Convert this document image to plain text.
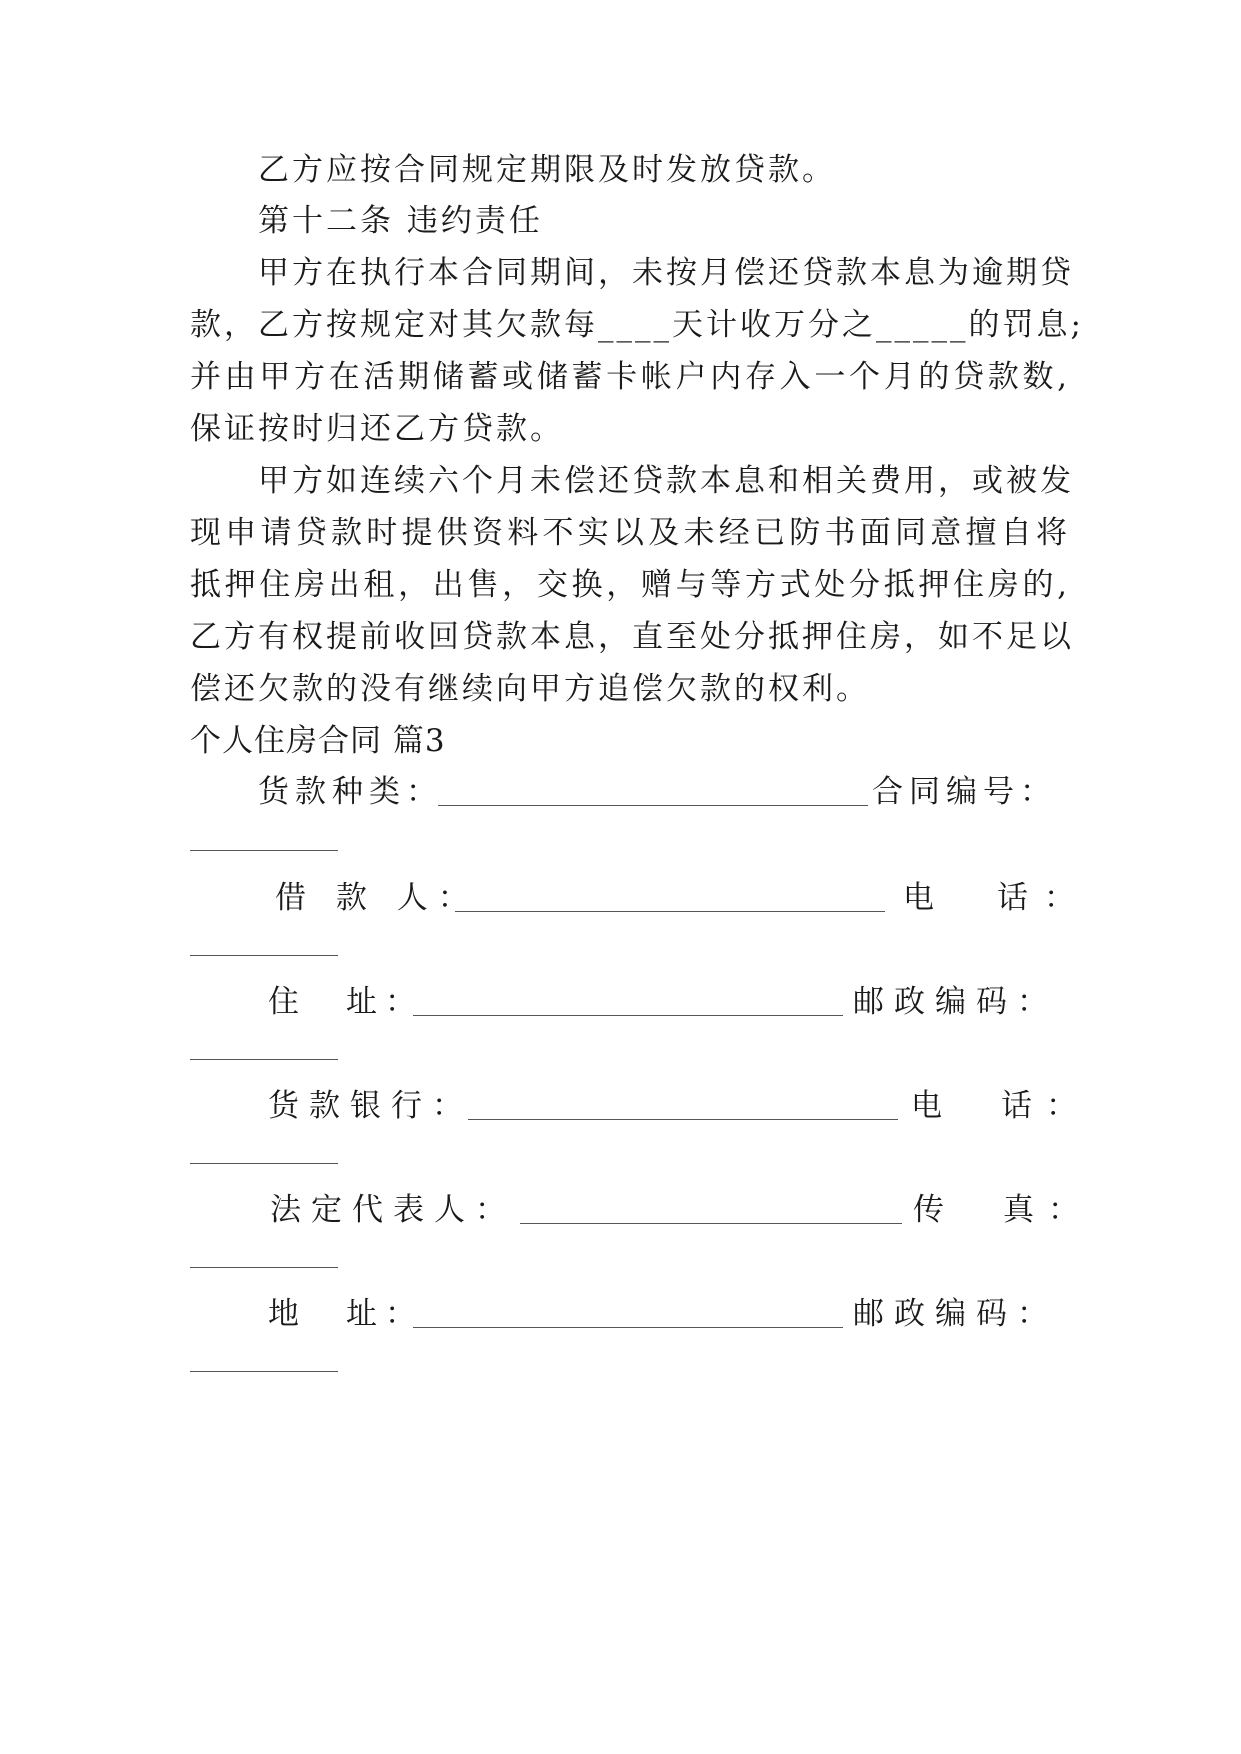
乙方应按合同规定期限及时发放贷款。
第十二条 违约责任
甲方在执行本合同期间，未按月偿还贷款本息为逾期贷
款，乙方按规定对其欠款每____天计收万分之_____的罚息;
并由甲方在活期储蓄或储蓄卡帐户内存入一个月的贷款数,
保证按时归还乙方贷款。
甲方如连续六个月未偿还贷款本息和相关费用，或被发
现申请贷款时提供资料不实以及未经已防书面同意擅自将
抵押住房出租，出售，交换，赠与等方式处分抵押住房的,
乙方有权提前收回贷款本息，直至处分抵押住房，如不足以
偿还欠款的没有继续向甲方追偿欠款的权利。
个人住房合同 篇3
货款种类：	合同编号：
借 款 人：	电　话：
住　址：	邮政编码：
货款银行：	电　话：
法定代表人：	传　真：
地　址：	邮政编码：
